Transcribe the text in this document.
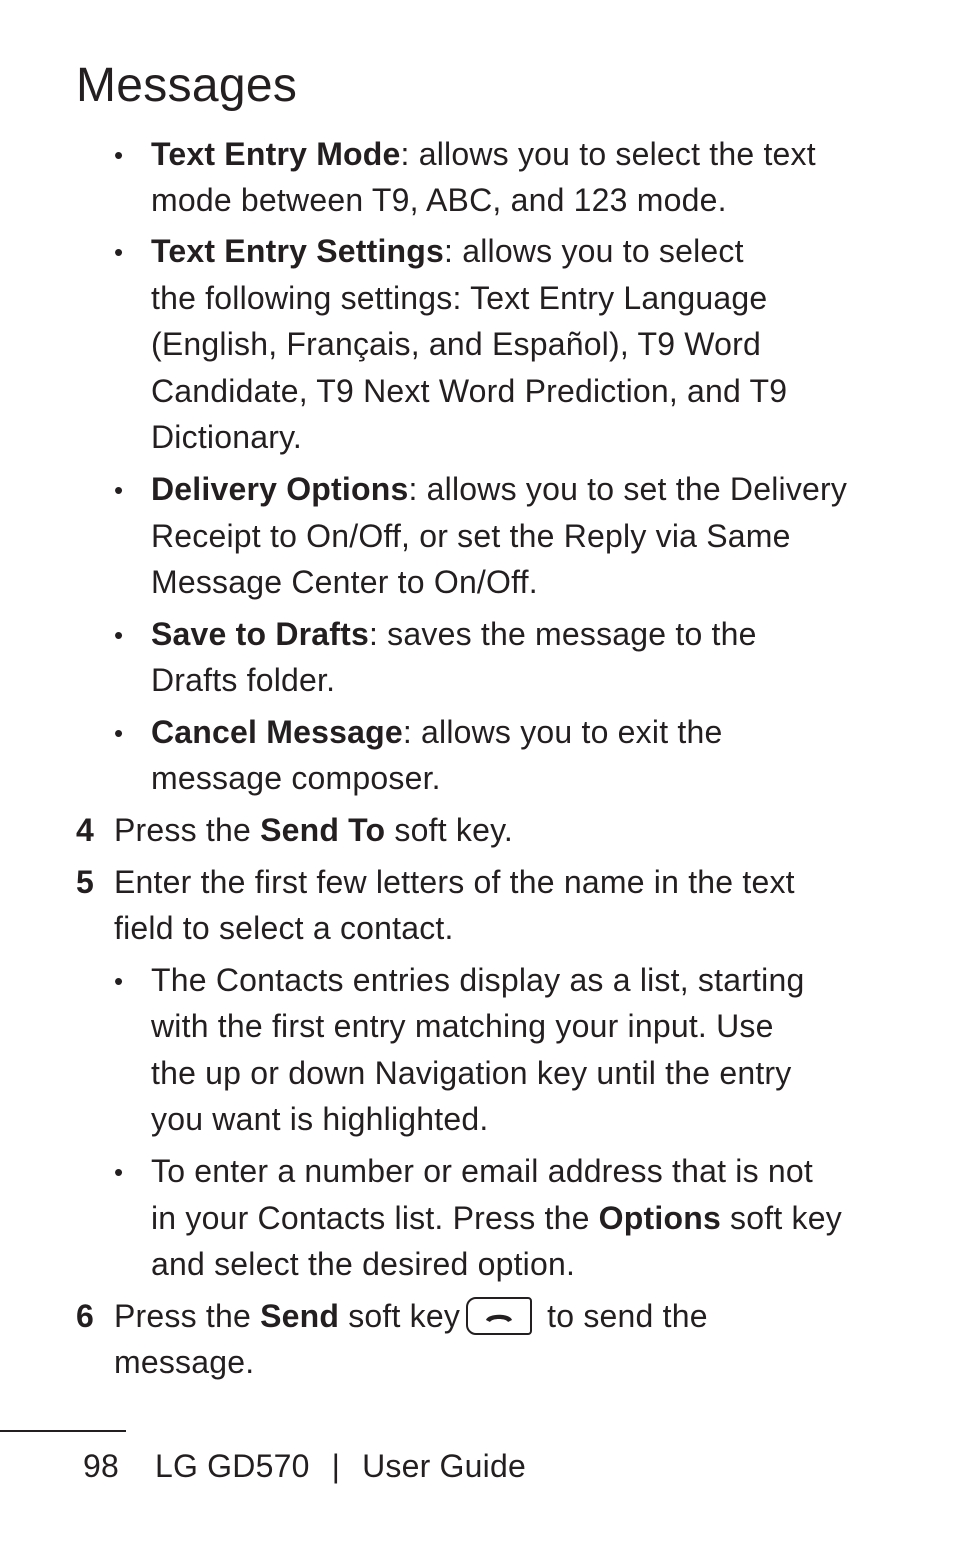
Messages
• Text Entry Mode: allows you to select the text
mode between T9, ABC, and 123 mode.
• Text Entry Settings: allows you to select
the following settings: Text Entry Language
(English, Français, and Español), T9 Word
Candidate, T9 Next Word Prediction, and T9
Dictionary.
• Delivery Options: allows you to set the Delivery
Receipt to On/Off, or set the Reply via Same
Message Center to On/Off.
• Save to Drafts: saves the message to the
Drafts folder.
• Cancel Message: allows you to exit the
message composer.
4 Press the Send To soft key.
5 Enter the first few letters of the name in the text
field to select a contact.
• The Contacts entries display as a list, starting
with the first entry matching your input. Use
the up or down Navigation key until the entry
you want is highlighted.
• To enter a number or email address that is not
in your Contacts list. Press the Options soft key
and select the desired option.
6 Press the Send soft key
to send the
message.
98 LG GD570 | User Guide
